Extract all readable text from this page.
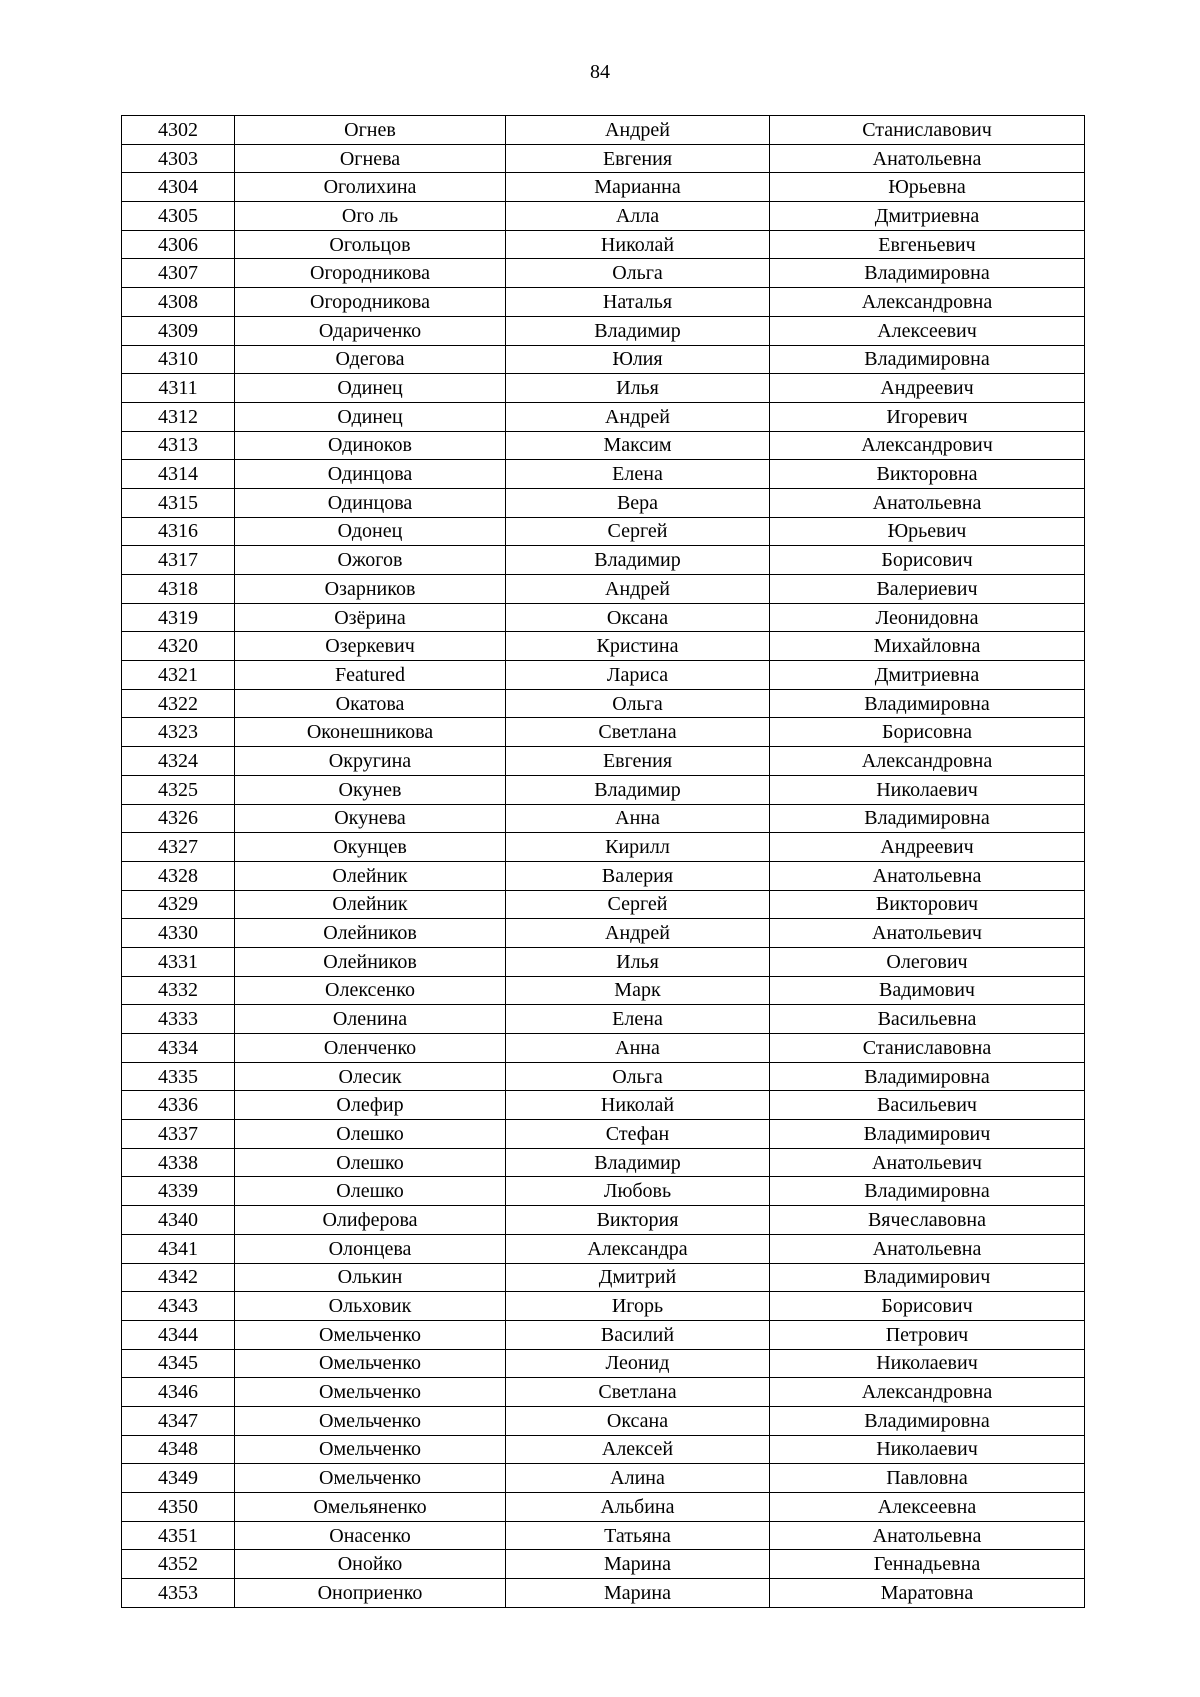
84
4302	Огнев	Андрей	Станиславович
4303	Огнева	Евгения	Анатольевна
4304	Оголихина	Марианна	Юрьевна
4305	Ого ль	Алла	Дмитриевна
4306	Огольцов	Николай	Евгеньевич
4307	Огородникова	Ольга	Владимировна
4308	Огородникова	Наталья	Александровна
4309	Одариченко	Владимир	Алексеевич
4310	Одегова	Юлия	Владимировна
4311	Одинец	Илья	Андреевич
4312	Одинец	Андрей	Игоревич
4313	Одиноков	Максим	Александрович
4314	Одинцова	Елена	Викторовна
4315	Одинцова	Вера	Анатольевна
4316	Одонец	Сергей	Юрьевич
4317	Ожогов	Владимир	Борисович
4318	Озарников	Андрей	Валериевич
4319	Озёрина	Оксана	Леонидовна
4320	Озеркевич	Кристина	Михайловна
4321	Featured	Лариса	Дмитриевна
4322	Окатова	Ольга	Владимировна
4323	Оконешникова	Светлана	Борисовна
4324	Округина	Евгения	Александровна
4325	Окунев	Владимир	Николаевич
4326	Окунева	Анна	Владимировна
4327	Окунцев	Кирилл	Андреевич
4328	Олейник	Валерия	Анатольевна
4329	Олейник	Сергей	Викторович
4330	Олейников	Андрей	Анатольевич
4331	Олейников	Илья	Олегович
4332	Олексенко	Марк	Вадимович
4333	Оленина	Елена	Васильевна
4334	Оленченко	Анна	Станиславовна
4335	Олесик	Ольга	Владимировна
4336	Олефир	Николай	Васильевич
4337	Олешко	Стефан	Владимирович
4338	Олешко	Владимир	Анатольевич
4339	Олешко	Любовь	Владимировна
4340	Олиферова	Виктория	Вячеславовна
4341	Олонцева	Александра	Анатольевна
4342	Олькин	Дмитрий	Владимирович
4343	Ольховик	Игорь	Борисович
4344	Омельченко	Василий	Петрович
4345	Омельченко	Леонид	Николаевич
4346	Омельченко	Светлана	Александровна
4347	Омельченко	Оксана	Владимировна
4348	Омельченко	Алексей	Николаевич
4349	Омельченко	Алина	Павловна
4350	Омельяненко	Альбина	Алексеевна
4351	Онасенко	Татьяна	Анатольевна
4352	Онойко	Марина	Геннадьевна
4353	Оноприенко	Марина	Маратовна
